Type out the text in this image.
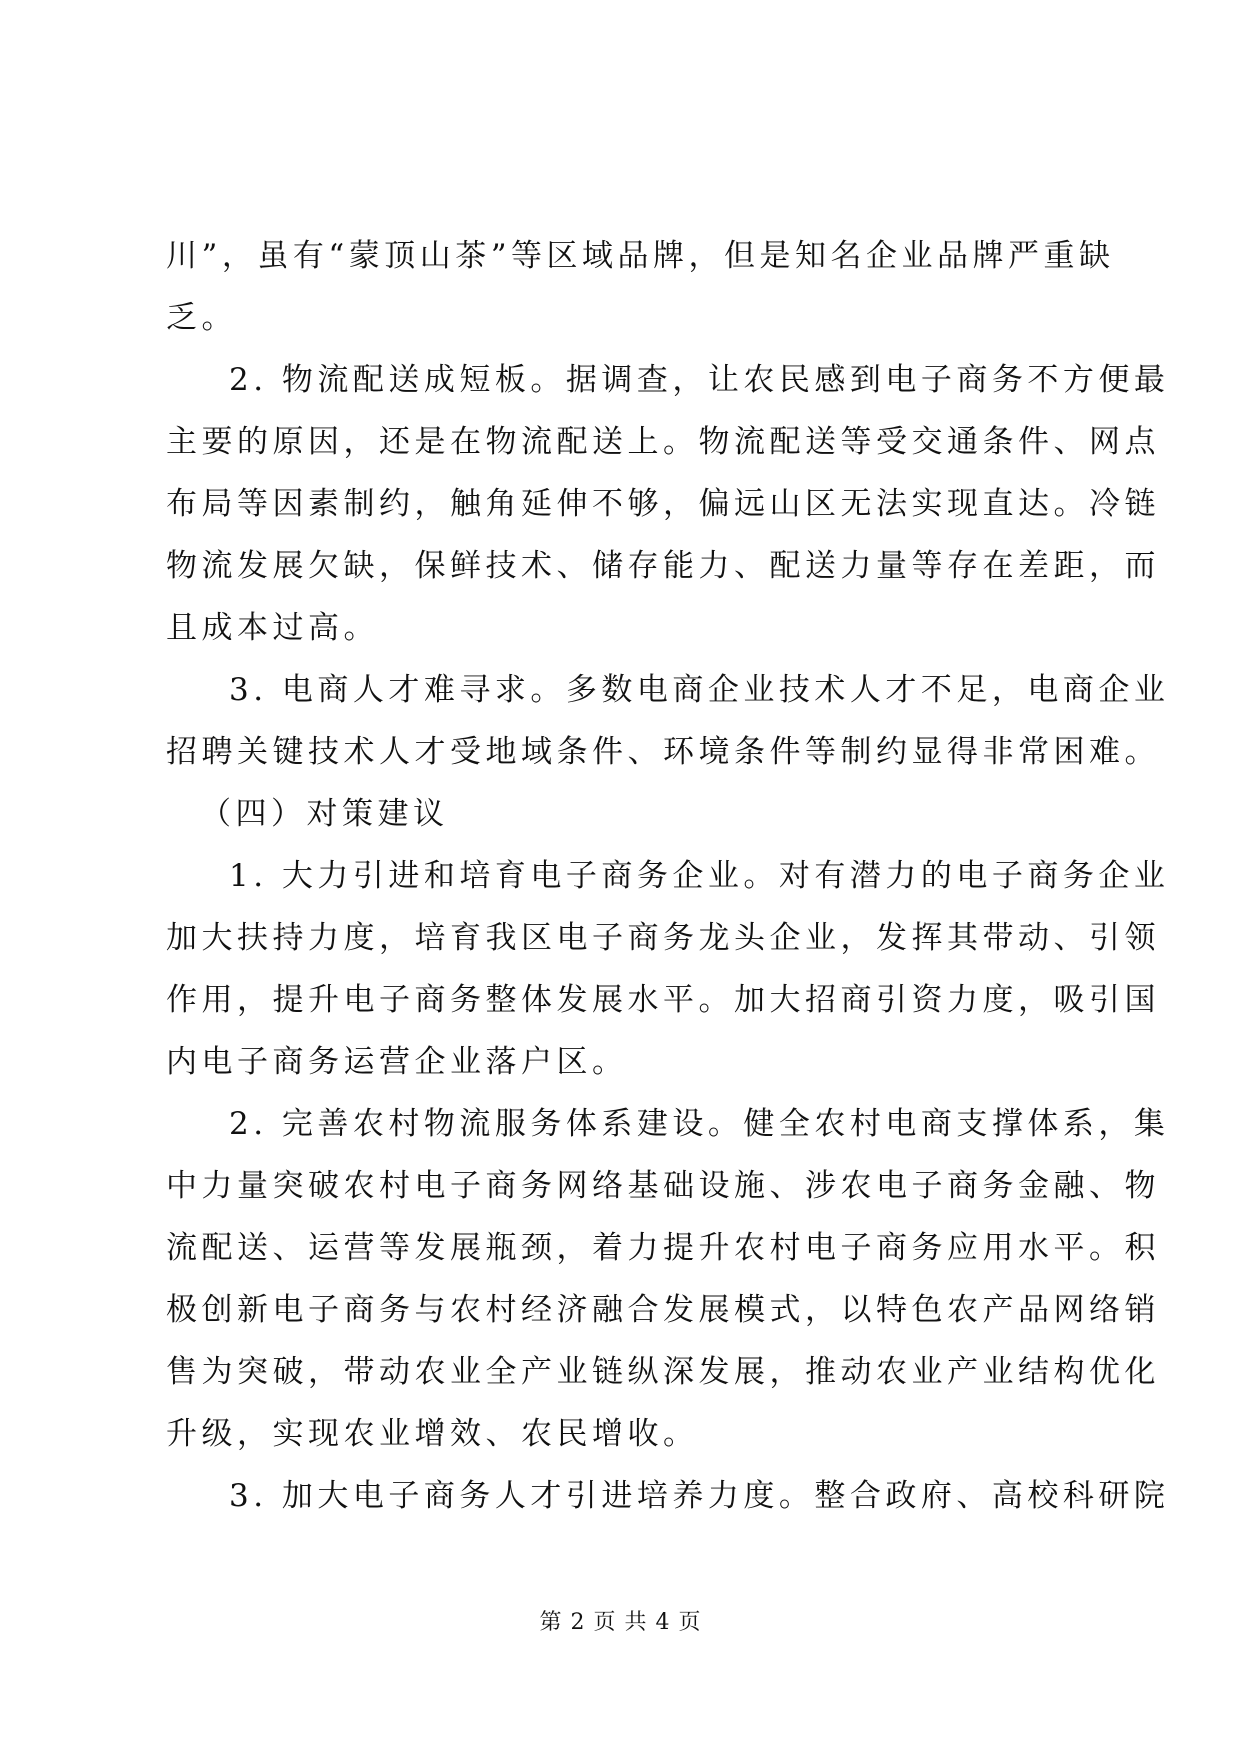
川”，虽有“蒙顶山茶”等区域品牌，但是知名企业品牌严重缺
乏。
2. 物流配送成短板。据调查，让农民感到电子商务不方便最
主要的原因，还是在物流配送上。物流配送等受交通条件、网点
布局等因素制约，触角延伸不够，偏远山区无法实现直达。冷链
物流发展欠缺，保鲜技术、储存能力、配送力量等存在差距，而
且成本过高。
3. 电商人才难寻求。多数电商企业技术人才不足，电商企业
招聘关键技术人才受地域条件、环境条件等制约显得非常困难。
（四）对策建议
1. 大力引进和培育电子商务企业。对有潜力的电子商务企业
加大扶持力度，培育我区电子商务龙头企业，发挥其带动、引领
作用，提升电子商务整体发展水平。加大招商引资力度，吸引国
内电子商务运营企业落户区。
2. 完善农村物流服务体系建设。健全农村电商支撑体系，集
中力量突破农村电子商务网络基础设施、涉农电子商务金融、物
流配送、运营等发展瓶颈，着力提升农村电子商务应用水平。积
极创新电子商务与农村经济融合发展模式，以特色农产品网络销
售为突破，带动农业全产业链纵深发展，推动农业产业结构优化
升级，实现农业增效、农民增收。
3. 加大电子商务人才引进培养力度。整合政府、高校科研院
第 2 页 共 4 页
